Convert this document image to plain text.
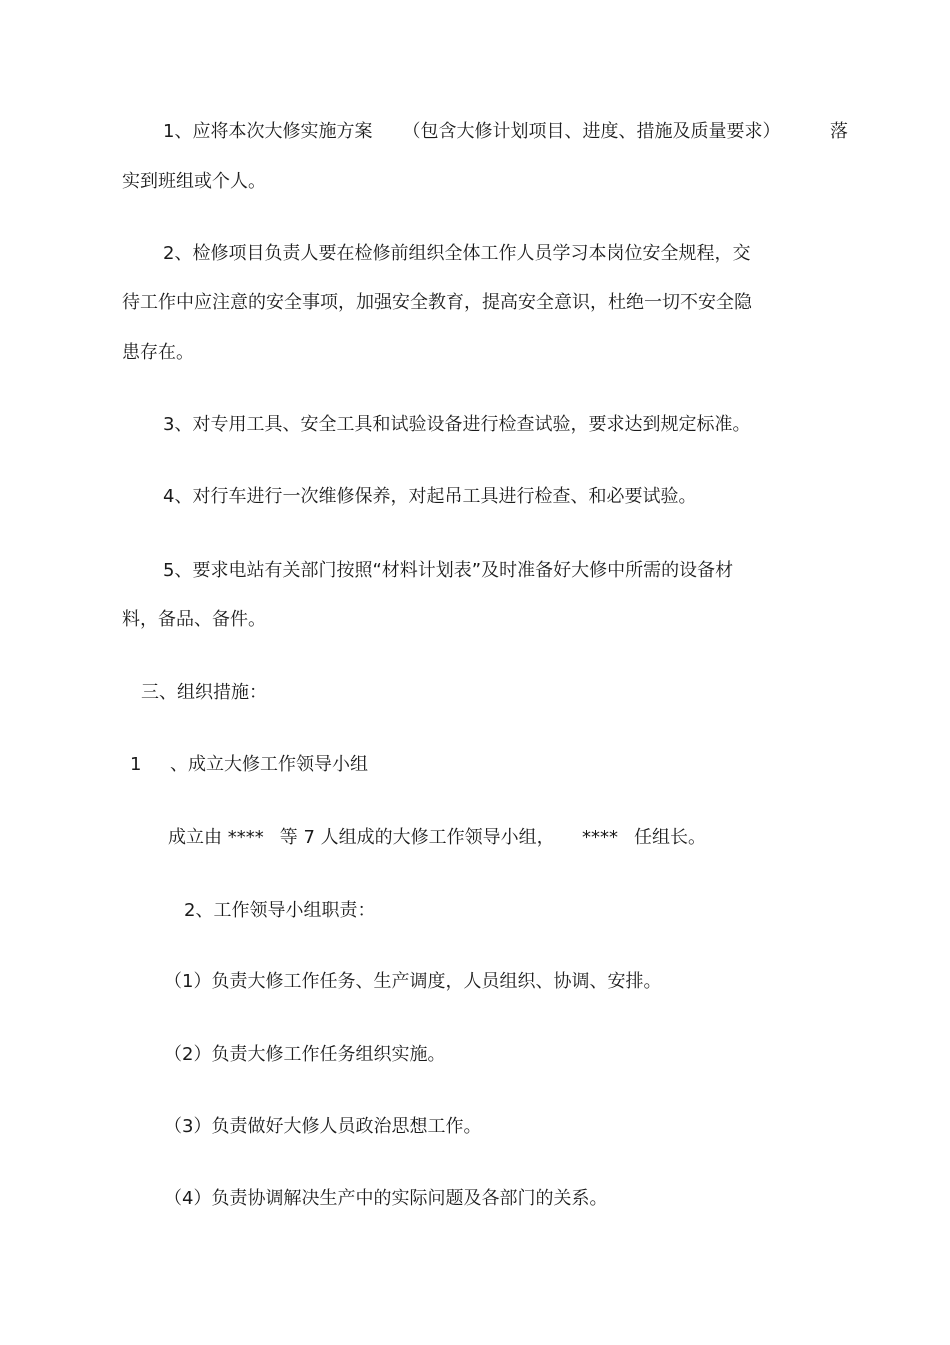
1、应将本次大修实施方案 （包含大修计划项目、进度、措施及质量要求）	落
实到班组或个人。
2、检修项目负责人要在检修前组织全体工作人员学习本岗位安全规程，交
待工作中应注意的安全事项，加强安全教育，提高安全意识，杜绝一切不安全隐
患存在。
3、对专用工具、安全工具和试验设备进行检查试验，要求达到规定标准。
4、对行车进行一次维修保养，对起吊工具进行检查、和必要试验。
5、要求电站有关部门按照“材料计划表”及时准备好大修中所需的设备材
料，备品、备件。
三、组织措施：
1 、成立大修工作领导小组
成立由 **** 等 7 人组成的大修工作领导小组， **** 任组长。
2、工作领导小组职责：
（1）负责大修工作任务、生产调度，人员组织、协调、安排。
（2）负责大修工作任务组织实施。
（3）负责做好大修人员政治思想工作。
（4）负责协调解决生产中的实际问题及各部门的关系。
